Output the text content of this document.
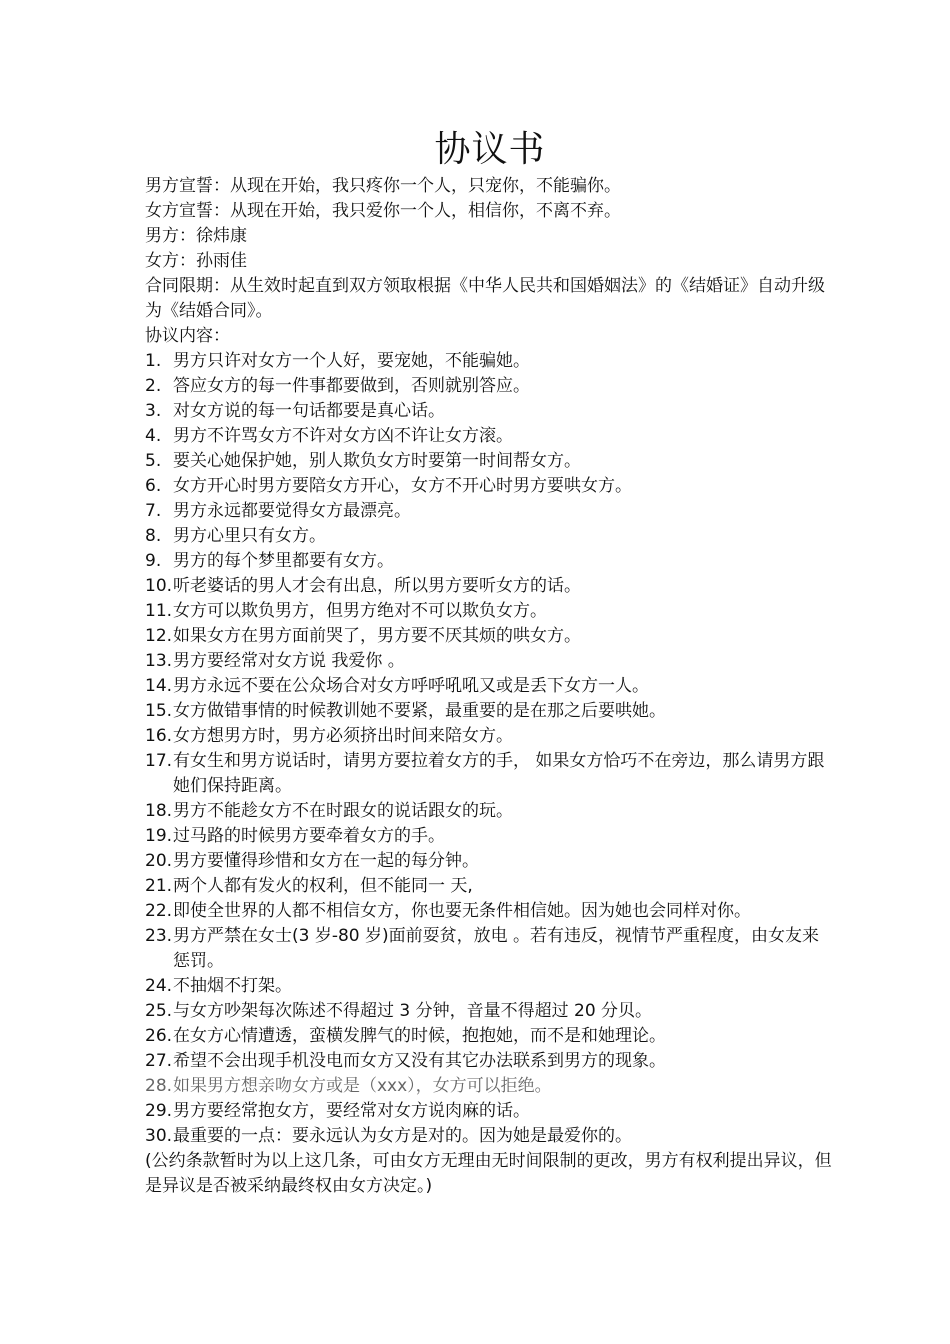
协议书
男方宣誓：从现在开始，我只疼你一个人，只宠你，不能骗你。
女方宣誓：从现在开始，我只爱你一个人，相信你，不离不弃。
男方：徐炜康
女方：孙雨佳
合同限期：从生效时起直到双方领取根据《中华人民共和国婚姻法》的《结婚证》自动升级为《结婚合同》。
协议内容：
1. 男方只许对女方一个人好，要宠她，不能骗她。
2. 答应女方的每一件事都要做到，否则就别答应。
3. 对女方说的每一句话都要是真心话。
4. 男方不许骂女方不许对女方凶不许让女方滚。
5. 要关心她保护她，别人欺负女方时要第一时间帮女方。
6. 女方开心时男方要陪女方开心，女方不开心时男方要哄女方。
7. 男方永远都要觉得女方最漂亮。
8. 男方心里只有女方。
9. 男方的每个梦里都要有女方。
10. 听老婆话的男人才会有出息，所以男方要听女方的话。
11. 女方可以欺负男方，但男方绝对不可以欺负女方。
12. 如果女方在男方面前哭了，男方要不厌其烦的哄女方。
13. 男方要经常对女方说 我爱你 。
14. 男方永远不要在公众场合对女方呼呼吼吼又或是丢下女方一人。
15. 女方做错事情的时候教训她不要紧，最重要的是在那之后要哄她。
16. 女方想男方时，男方必须挤出时间来陪女方。
17. 有女生和男方说话时，请男方要拉着女方的手， 如果女方恰巧不在旁边，那么请男方跟她们保持距离。
18. 男方不能趁女方不在时跟女的说话跟女的玩。
19. 过马路的时候男方要牵着女方的手。
20. 男方要懂得珍惜和女方在一起的每分钟。
21. 两个人都有发火的权利，但不能同一 天,
22. 即使全世界的人都不相信女方，你也要无条件相信她。因为她也会同样对你。
23. 男方严禁在女士(3 岁-80 岁)面前耍贫，放电 。若有违反，视情节严重程度，由女友来惩罚。
24. 不抽烟不打架。
25. 与女方吵架每次陈述不得超过 3 分钟，音量不得超过 20 分贝。
26. 在女方心情遭透，蛮横发脾气的时候，抱抱她，而不是和她理论。
27. 希望不会出现手机没电而女方又没有其它办法联系到男方的现象。
28. 如果男方想亲吻女方或是（xxx），女方可以拒绝。
29. 男方要经常抱女方，要经常对女方说肉麻的话。
30. 最重要的一点：要永远认为女方是对的。因为她是最爱你的。
(公约条款暂时为以上这几条，可由女方无理由无时间限制的更改，男方有权利提出异议，但是异议是否被采纳最终权由女方决定。)
